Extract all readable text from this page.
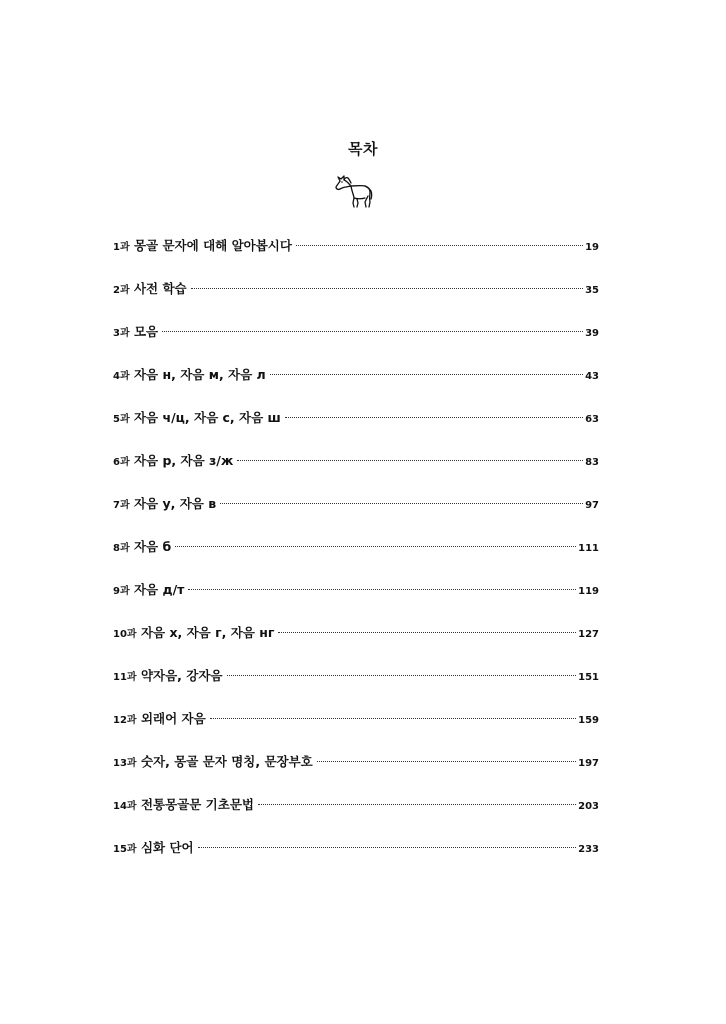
목차
1과 몽골 문자에 대해 알아봅시다	19
2과 사전 학습	35
3과 모음	39
4과 자음 н, 자음 м, 자음 л	43
5과 자음 ч/ц, 자음 с, 자음 ш	63
6과 자음 р, 자음 з/ж	83
7과 자음 у, 자음 в	97
8과 자음 б	111
9과 자음 д/т	119
10과 자음 х, 자음 г, 자음 нг	127
11과 약자음, 강자음	151
12과 외래어 자음	159
13과 숫자, 몽골 문자 명칭, 문장부호	197
14과 전통몽골문 기초문법	203
15과 심화 단어	233
